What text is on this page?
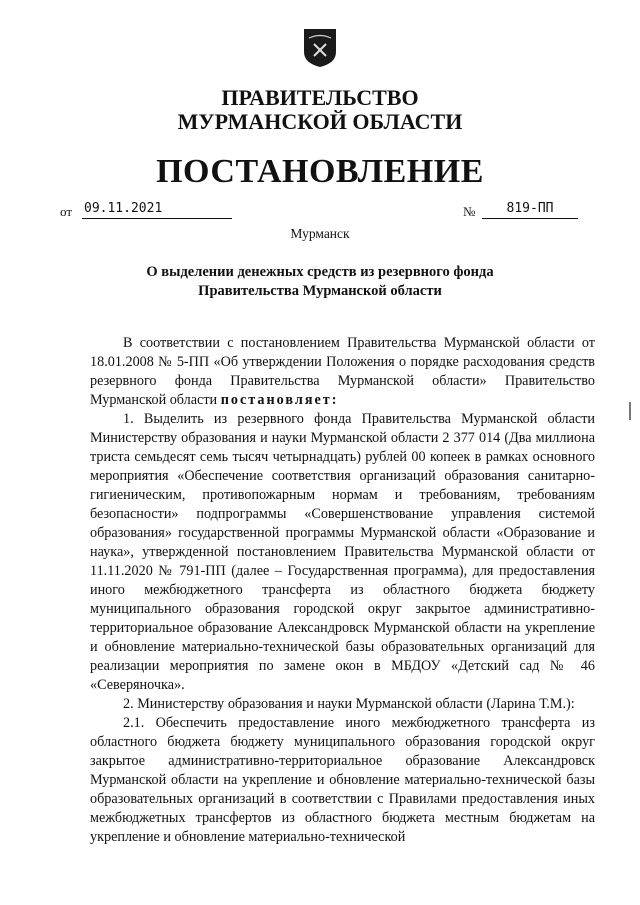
ПРАВИТЕЛЬСТВО
МУРМАНСКОЙ ОБЛАСТИ
ПОСТАНОВЛЕНИЕ
от 09.11.2021	№	819-ПП
Мурманск
О выделении денежных средств из резервного фонда
Правительства Мурманской области

В соответствии с постановлением Правительства Мурманской области от 18.01.2008 № 5-ПП «Об утверждении Положения о порядке расходования средств резервного фонда Правительства Мурманской области» Правительство Мурманской области постановляет:

1. Выделить из резервного фонда Правительства Мурманской области Министерству образования и науки Мурманской области 2 377 014 (Два миллиона триста семьдесят семь тысяч четырнадцать) рублей 00 копеек в рамках основного мероприятия «Обеспечение соответствия организаций образования санитарно-гигиеническим, противопожарным нормам и требованиям, требованиям безопасности» подпрограммы «Совершенствование управления системой образования» государственной программы Мурманской области «Образование и наука», утвержденной постановлением Правительства Мурманской области от 11.11.2020 № 791-ПП (далее – Государственная программа), для предоставления иного межбюджетного трансферта из областного бюджета бюджету муниципального образования городской округ закрытое административно-территориальное образование Александровск Мурманской области на укрепление и обновление материально-технической базы образовательных организаций для реализации мероприятия по замене окон в МБДОУ «Детский сад № 46 «Северяночка».

2. Министерству образования и науки Мурманской области (Ларина Т.М.):

2.1. Обеспечить предоставление иного межбюджетного трансферта из областного бюджета бюджету муниципального образования городской округ закрытое административно-территориальное образование Александровск Мурманской области на укрепление и обновление материально-технической базы образовательных организаций в соответствии с Правилами предоставления иных межбюджетных трансфертов из областного бюджета местным бюджетам на укрепление и обновление материально-технической
